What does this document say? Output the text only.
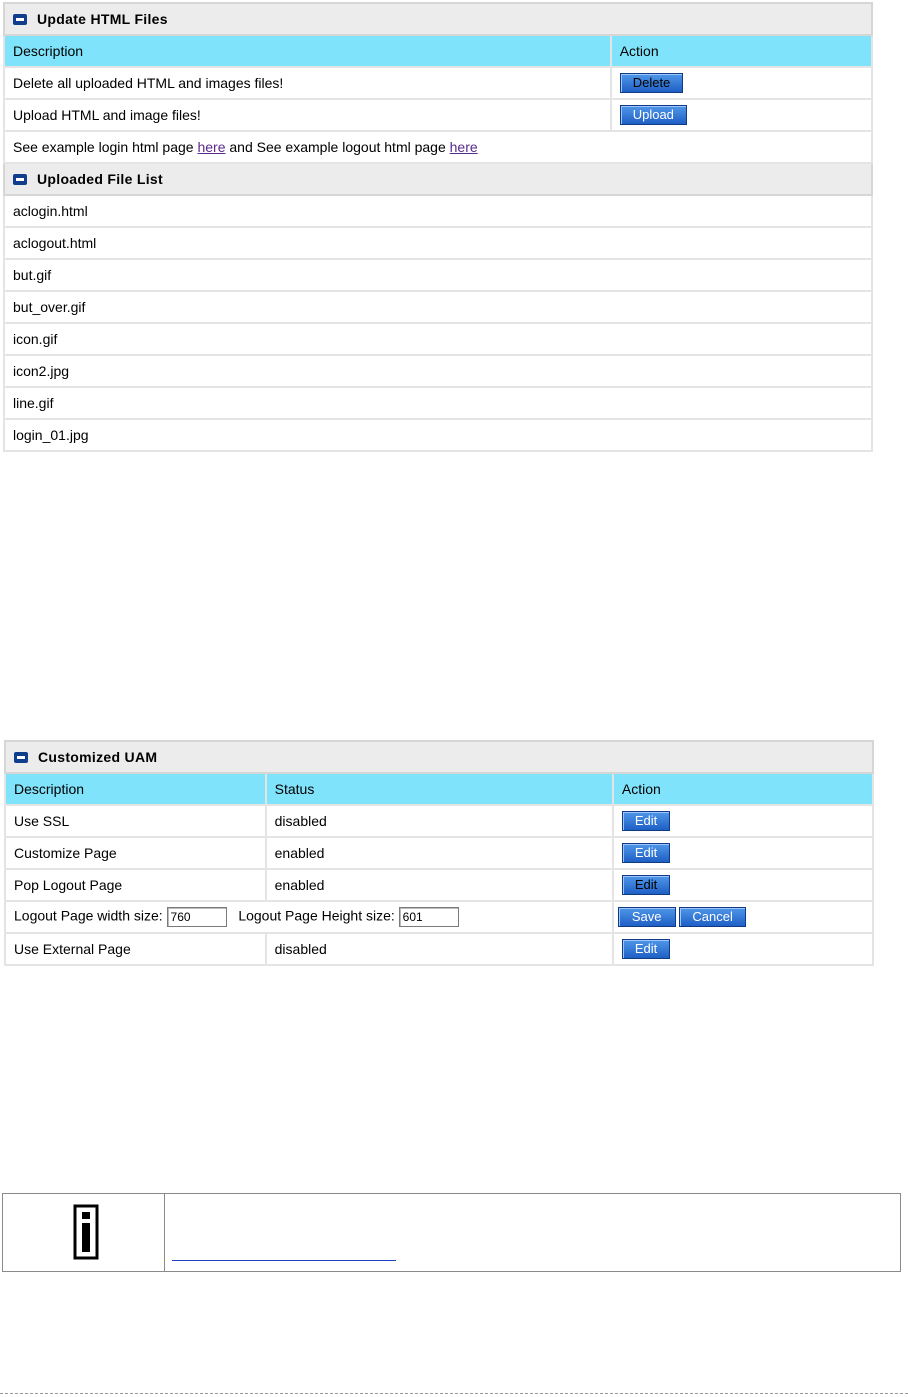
Update HTML Files	
Description	Action
Delete all uploaded HTML and images files!	Delete
Upload HTML and image files!	Upload
See example login html page here and See example logout html page here	
Uploaded File List	
aclogin.html	
aclogout.html	
but.gif	
but_over.gif	
icon.gif	
icon2.jpg	
line.gif	
login_01.jpg	
Customized UAM		
Description	Status	Action
Use SSL	disabled	Edit
Customize Page	enabled	Edit
Pop Logout Page	enabled	Edit
Logout Page width size: 760 Logout Page Height size: 601		Save Cancel
Use External Page	disabled	Edit
